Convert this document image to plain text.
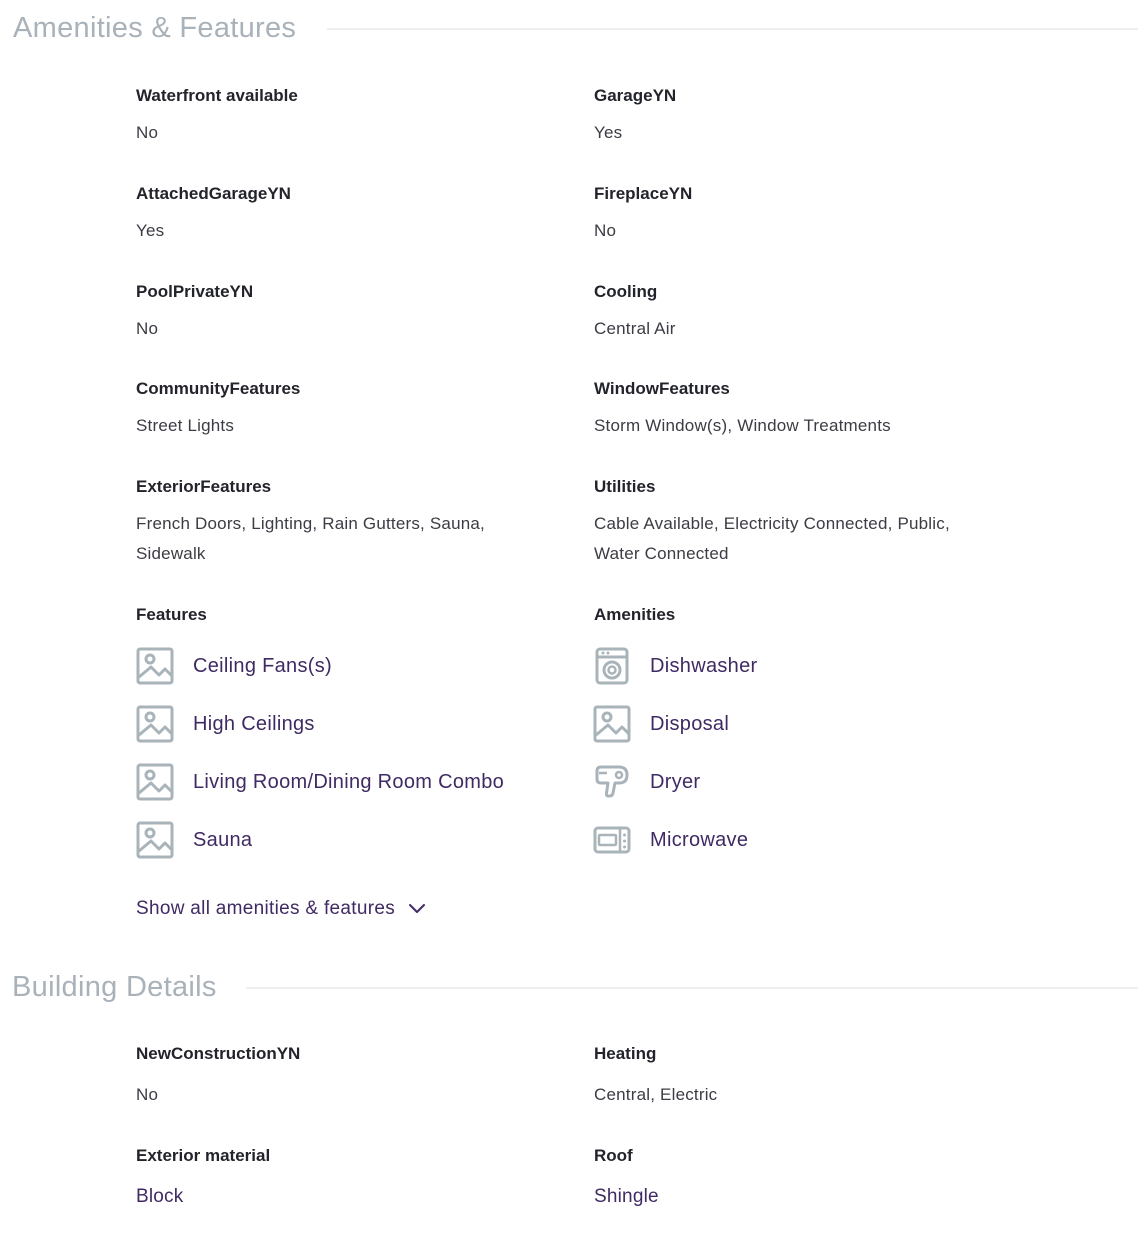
Amenities & Features
Waterfront available
No
GarageYN
Yes
AttachedGarageYN
Yes
FireplaceYN
No
PoolPrivateYN
No
Cooling
Central Air
CommunityFeatures
Street Lights
WindowFeatures
Storm Window(s), Window Treatments
ExteriorFeatures
French Doors, Lighting, Rain Gutters, Sauna, Sidewalk
Utilities
Cable Available, Electricity Connected, Public, Water Connected
Features	Amenities
Ceiling Fans(s)
High Ceilings
Living Room/Dining Room Combo
Sauna
Dishwasher
Disposal
Dryer
Microwave
Show all amenities & features
Building Details
NewConstructionYN
No
Heating
Central, Electric
Exterior material
Block
Roof
Shingle
